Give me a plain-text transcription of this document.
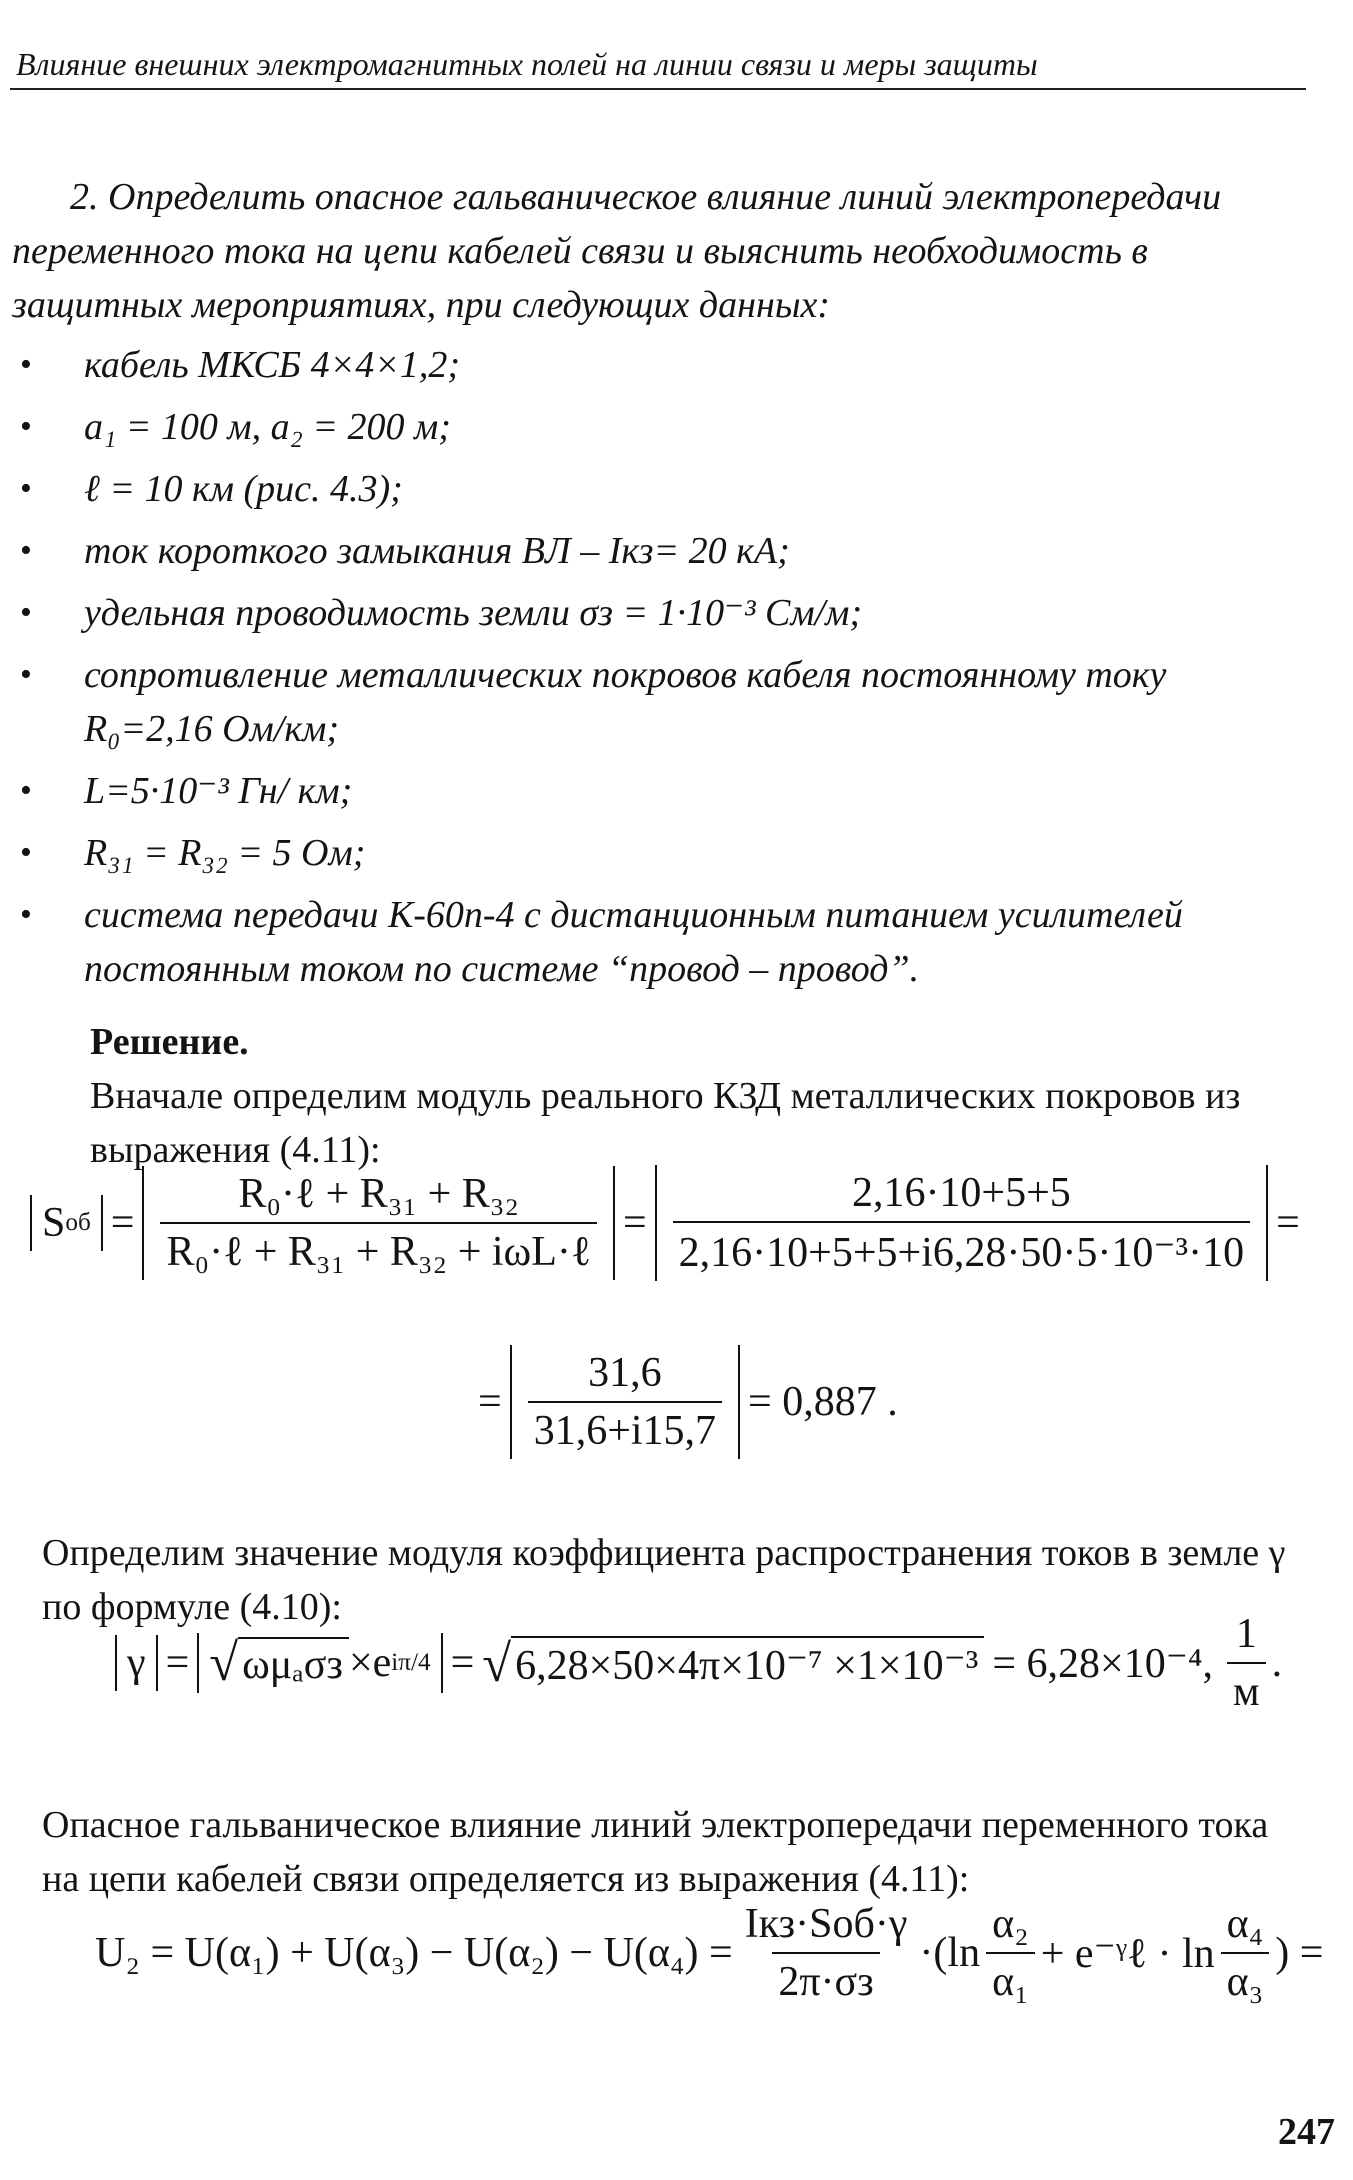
Влияние внешних электромагнитных полей на линии связи и меры защиты

2. Определить опасное гальваническое влияние линий электропередачи переменного тока на цепи кабелей связи и выяснить необходимость в защитных мероприятиях, при следующих данных:

• кабель МКСБ 4×4×1,2;
• a₁ = 100 м, a₂ = 200 м;
• ℓ = 10 км (рис. 4.3);
• ток короткого замыкания ВЛ – Iкз= 20 кА;
• удельная проводимость земли σз = 1·10⁻³ См/м;
• сопротивление металлических покровов кабеля постоянному току R₀=2,16 Ом/км;
• L=5·10⁻³ Гн/ км;
• R₃₁ = R₃₂ = 5 Ом;
• система передачи К-60п-4 с дистанционным питанием усилителей постоянным током по системе “провод – провод”.

Решение.

Вначале определим модуль реального КЗД металлических покровов из выражения (4.11):

S об = $\frac{\text{R₀·ℓ + R₃₁ + R₃₂}}{\text{R₀·ℓ + R₃₁ + R₃₂ + iωL·ℓ}} = \frac{2,16\cdot 10+5+5}{\text{2,16·10+5+5+i6,28·50·5·10⁻³·10}}$ =
= $\frac{31,6}{31,6+i15,7} = 0,887$ .

Определим значение модуля коэффициента распространения токов в земле γ по формуле (4.10):

γ = √ ωμₐσз ×e iπ/4 = √ 6,28×50×4π×10⁻⁷ ×1×10⁻³ = 6,28×10⁻⁴, $\frac{1}{м}$ .

Опасное гальваническое влияние линий электропередачи переменного тока на цепи кабелей связи определяется из выражения (4.11):

$U_2 = U(\alpha_1) + U(\alpha_3) - U(\alpha_2) - U(\alpha_4) = \frac{\text{Iкз·Sоб·γ}}{2\pi\cdot\sigma з} \cdot(\ln \frac{\text{α₂}}{\text{α₁}}$ + e⁻ᵞℓ · $\ln \frac{\text{α₄}}{\text{α₃}}$ ) =
247
